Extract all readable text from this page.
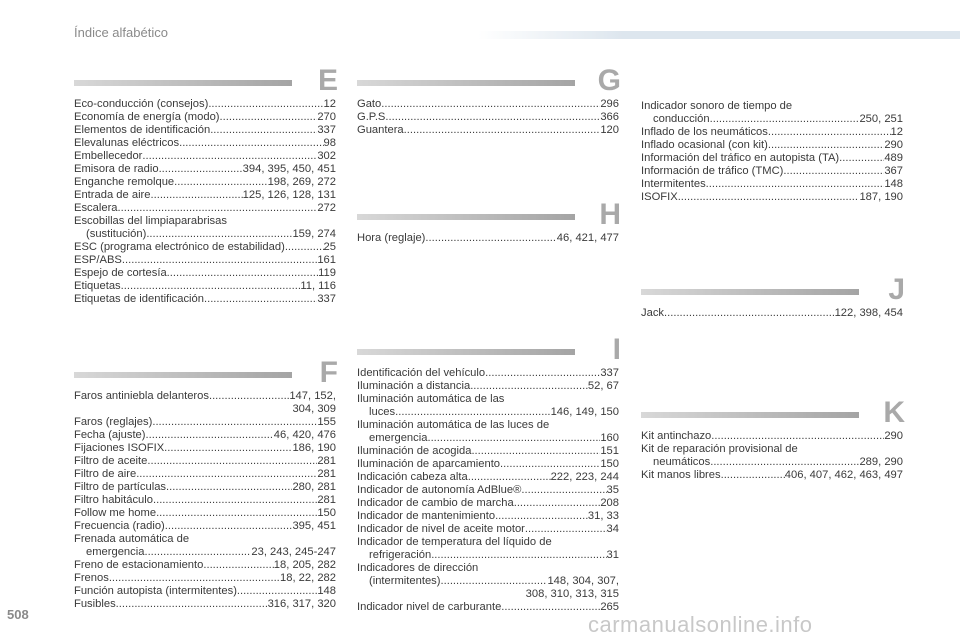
Índice alfabético
E
Eco-conducción (consejos) .....	12
Economía de energía (modo) .....	270
Elementos de identificación .....	337
Elevalunas eléctricos .....	98
Embellecedor .....	302
Emisora de radio .....	394, 395, 450, 451
Enganche remolque .....	198, 269, 272
Entrada de aire .....	125, 126, 128, 131
Escalera .....	272
Escobillas del limpiaparabrisas
(sustitución) .....	159, 274
ESC (programa electrónico de estabilidad) .....	25
ESP/ABS .....	161
Espejo de cortesía .....	119
Etiquetas .....	11, 116
Etiquetas de identificación .....	337
F
Faros antiniebla delanteros .....	147, 152,
304, 309
Faros (reglajes) .....	155
Fecha (ajuste) .....	46, 420, 476
Fijaciones ISOFIX .....	186, 190
Filtro de aceite .....	281
Filtro de aire .....	281
Filtro de partículas .....	280, 281
Filtro habitáculo .....	281
Follow me home .....	150
Frecuencia (radio) .....	395, 451
Frenada automática de
emergencia .....	23, 243, 245-247
Freno de estacionamiento .....	18, 205, 282
Frenos .....	18, 22, 282
Función autopista (intermitentes) .....	148
Fusibles .....	316, 317, 320
G
Gato .....	296
G.P.S. .....	366
Guantera .....	120
H
Hora (reglaje) .....	46, 421, 477
I
Identificación del vehículo .....	337
Iluminación a distancia .....	52, 67
Iluminación automática de las
luces .....	146, 149, 150
Iluminación automática de las luces de
emergencia .....	160
Iluminación de acogida .....	151
Iluminación de aparcamiento .....	150
Indicación cabeza alta .....	222, 223, 244
Indicador de autonomía AdBlue® .....	35
Indicador de cambio de marcha .....	208
Indicador de mantenimiento .....	31, 33
Indicador de nivel de aceite motor .....	34
Indicador de temperatura del líquido de
refrigeración .....	31
Indicadores de dirección
(intermitentes) .....	148, 304, 307,
308, 310, 313, 315
Indicador nivel de carburante .....	265
Indicador sonoro de tiempo de
conducción .....	250, 251
Inflado de los neumáticos .....	12
Inflado ocasional (con kit) .....	290
Información del tráfico en autopista (TA) .....	489
Información de tráfico (TMC) .....	367
Intermitentes .....	148
ISOFIX .....	187, 190
J
Jack .....	122, 398, 454
K
Kit antinchazo .....	290
Kit de reparación provisional de
neumáticos .....	289, 290
Kit manos libres .....	406, 407, 462, 463, 497
508	carmanualsonline.info
